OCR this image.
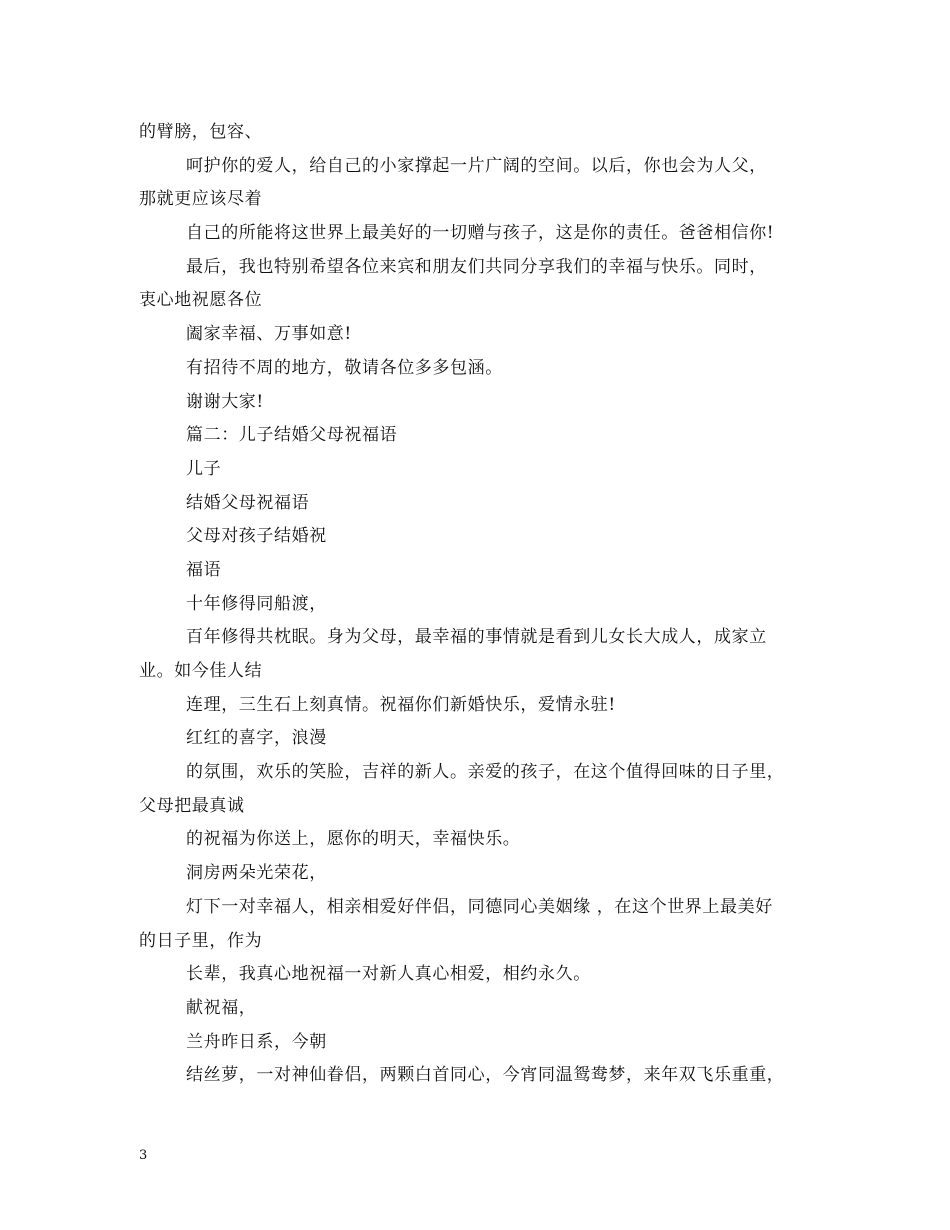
的臂膀，包容、
呵护你的爱人，给自己的小家撑起一片广阔的空间。以后，你也会为人父，
那就更应该尽着
自己的所能将这世界上最美好的一切赠与孩子，这是你的责任。爸爸相信你!
最后，我也特别希望各位来宾和朋友们共同分享我们的幸福与快乐。同时，
衷心地祝愿各位
阖家幸福、万事如意!
有招待不周的地方，敬请各位多多包涵。
谢谢大家!
篇二：儿子结婚父母祝福语
儿子
结婚父母祝福语
父母对孩子结婚祝
福语
十年修得同船渡，
百年修得共枕眠。身为父母，最幸福的事情就是看到儿女长大成人，成家立
业。如今佳人结
连理，三生石上刻真情。祝福你们新婚快乐，爱情永驻!
红红的喜字，浪漫
的氛围，欢乐的笑脸，吉祥的新人。亲爱的孩子，在这个值得回味的日子里，
父母把最真诚
的祝福为你送上，愿你的明天，幸福快乐。
洞房两朵光荣花，
灯下一对幸福人，相亲相爱好伴侣，同德同心美姻缘 ，在这个世界上最美好
的日子里，作为
长辈，我真心地祝福一对新人真心相爱，相约永久。
献祝福，
兰舟昨日系，今朝
结丝萝，一对神仙眷侣，两颗白首同心，今宵同温鸳鸯梦，来年双飞乐重重，
3
